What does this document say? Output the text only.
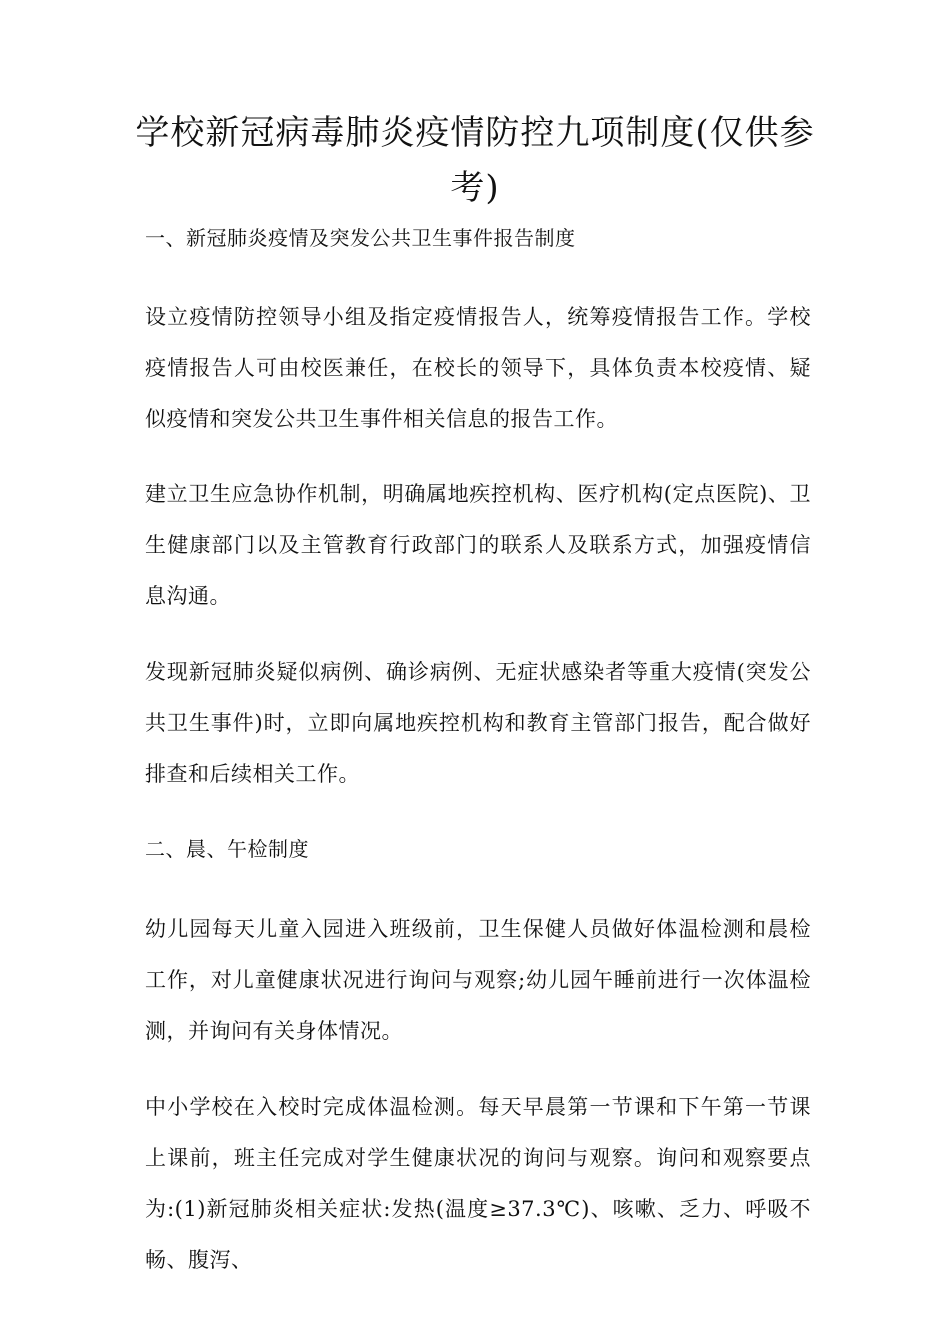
学校新冠病毒肺炎疫情防控九项制度(仅供参考)

一、新冠肺炎疫情及突发公共卫生事件报告制度

设立疫情防控领导小组及指定疫情报告人，统筹疫情报告工作。学校疫情报告人可由校医兼任，在校长的领导下，具体负责本校疫情、疑似疫情和突发公共卫生事件相关信息的报告工作。

建立卫生应急协作机制，明确属地疾控机构、医疗机构(定点医院)、卫生健康部门以及主管教育行政部门的联系人及联系方式，加强疫情信息沟通。

发现新冠肺炎疑似病例、确诊病例、无症状感染者等重大疫情(突发公共卫生事件)时，立即向属地疾控机构和教育主管部门报告，配合做好排查和后续相关工作。

二、晨、午检制度

幼儿园每天儿童入园进入班级前，卫生保健人员做好体温检测和晨检工作，对儿童健康状况进行询问与观察;幼儿园午睡前进行一次体温检测，并询问有关身体情况。

中小学校在入校时完成体温检测。每天早晨第一节课和下午第一节课上课前，班主任完成对学生健康状况的询问与观察。询问和观察要点为:(1)新冠肺炎相关症状:发热(温度≥37.3℃)、咳嗽、乏力、呼吸不畅、腹泻、
